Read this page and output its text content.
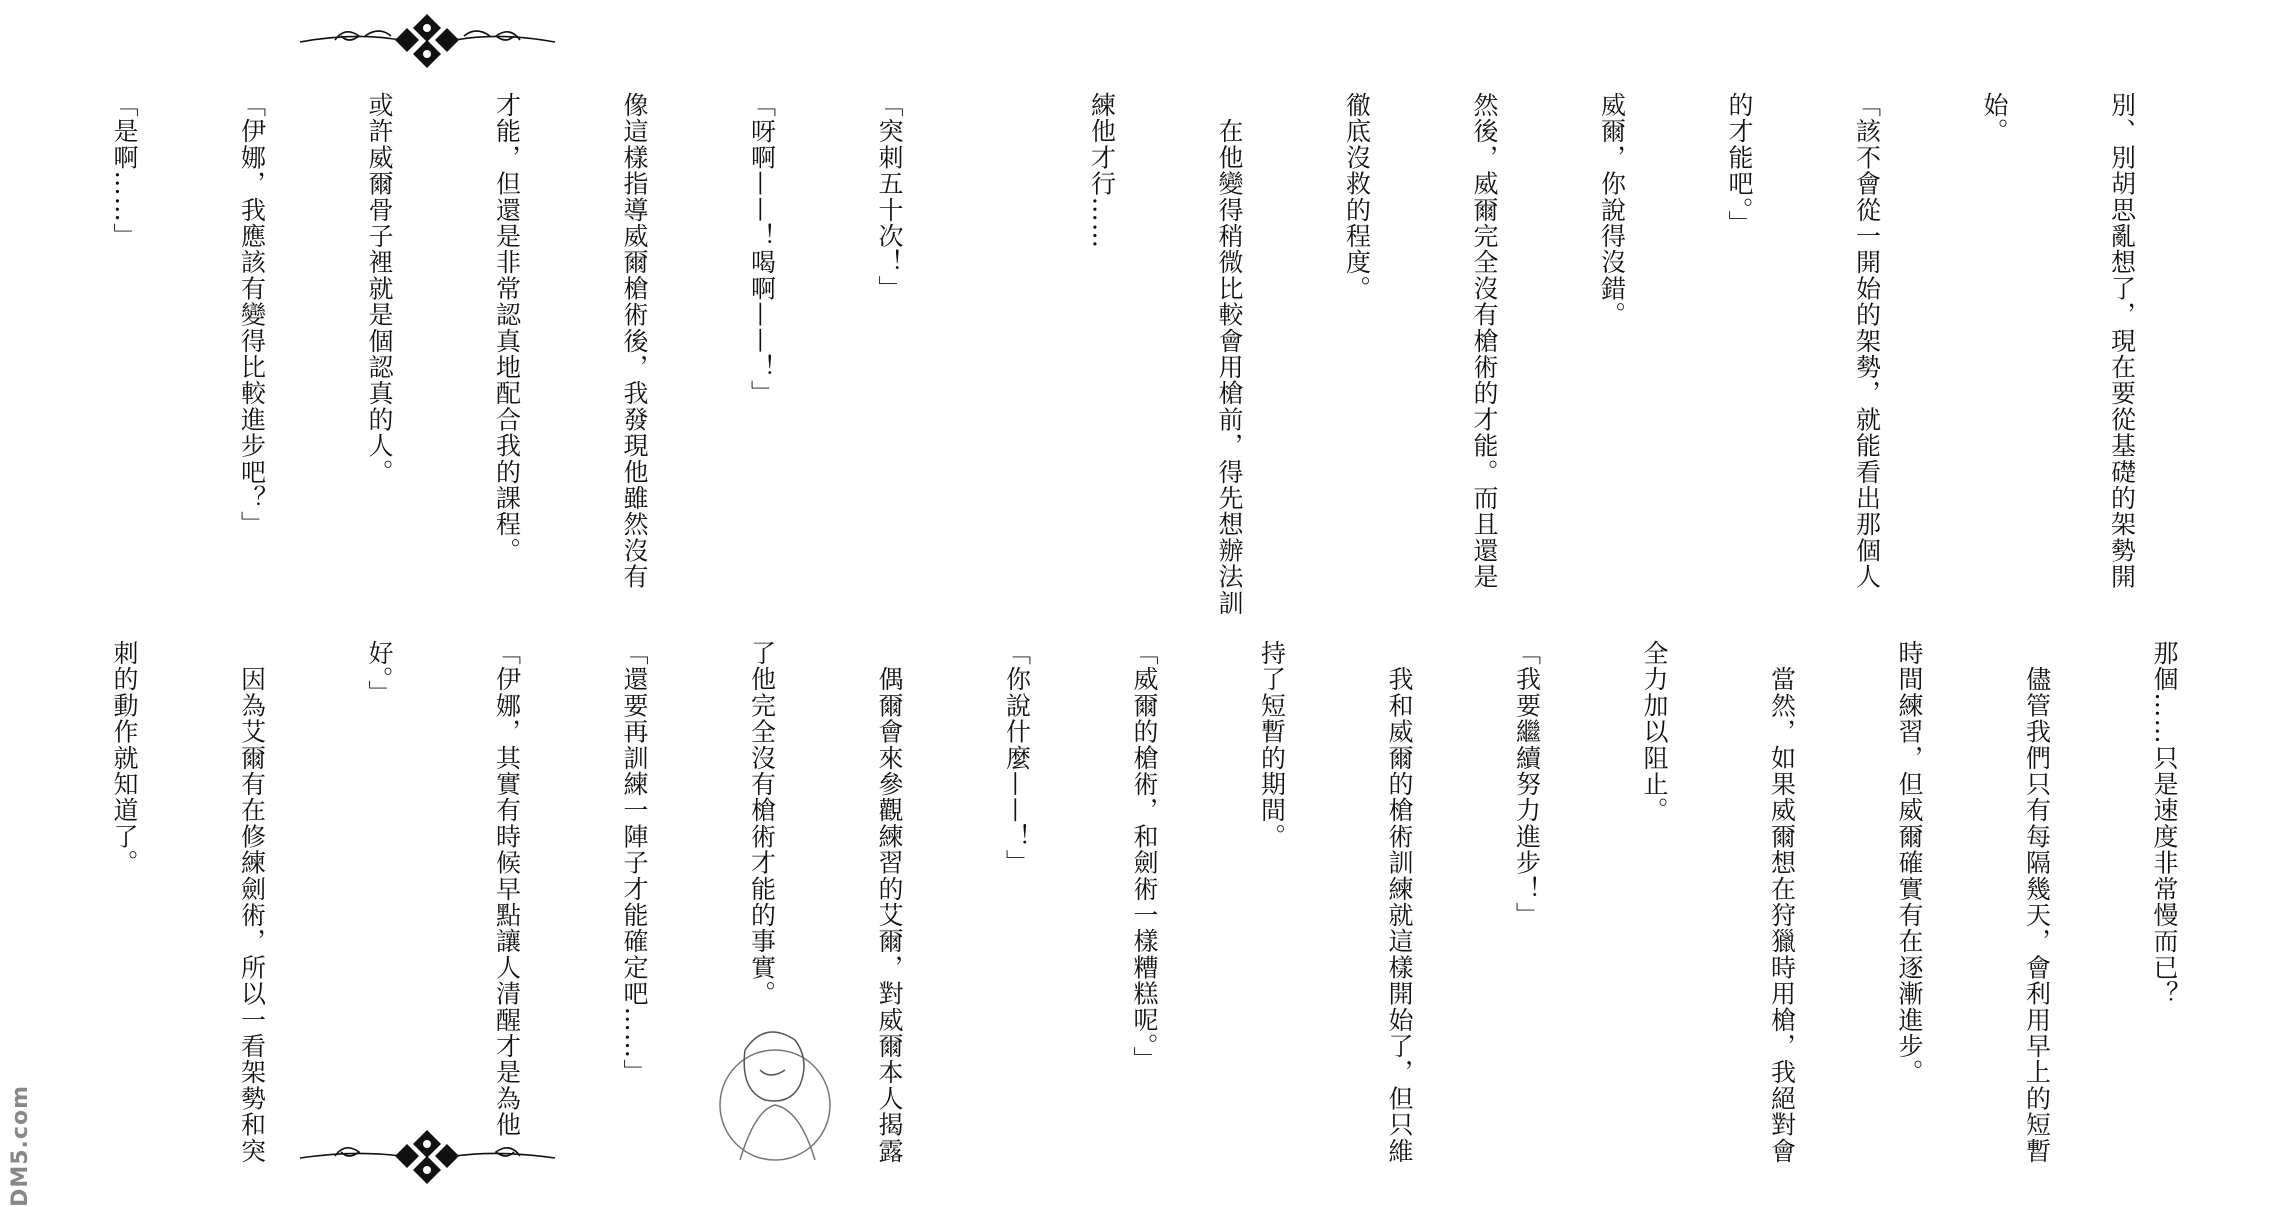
別、別胡思亂想了，現在要從基礎的架勢開

始。

「該不會從一開始的架勢，就能看出那個人

的才能吧。」

威爾，你說得沒錯。

然後，威爾完全沒有槍術的才能。而且還是

徹底沒救的程度。

　在他變得稍微比較會用槍前，得先想辦法訓

練他才行……

「突刺五十次！」

「呀啊——！喝啊——！」

像這樣指導威爾槍術後，我發現他雖然沒有

才能，但還是非常認真地配合我的課程。

或許威爾骨子裡就是個認真的人。

「伊娜，我應該有變得比較進步吧？」

「是啊……」

那個……只是速度非常慢而已？

　儘管我們只有每隔幾天，會利用早上的短暫

時間練習，但威爾確實有在逐漸進步。

　當然，如果威爾想在狩獵時用槍，我絕對會

全力加以阻止。

「我要繼續努力進步！」

　我和威爾的槍術訓練就這樣開始了，但只維

持了短暫的期間。

「威爾的槍術，和劍術一樣糟糕呢。」

「你說什麼——！」

　偶爾會來參觀練習的艾爾，對威爾本人揭露

了他完全沒有槍術才能的事實。

「還要再訓練一陣子才能確定吧……」

「伊娜，其實有時候早點讓人清醒才是為他

好。」

　因為艾爾有在修練劍術，所以一看架勢和突

刺的動作就知道了。

DM5.com
